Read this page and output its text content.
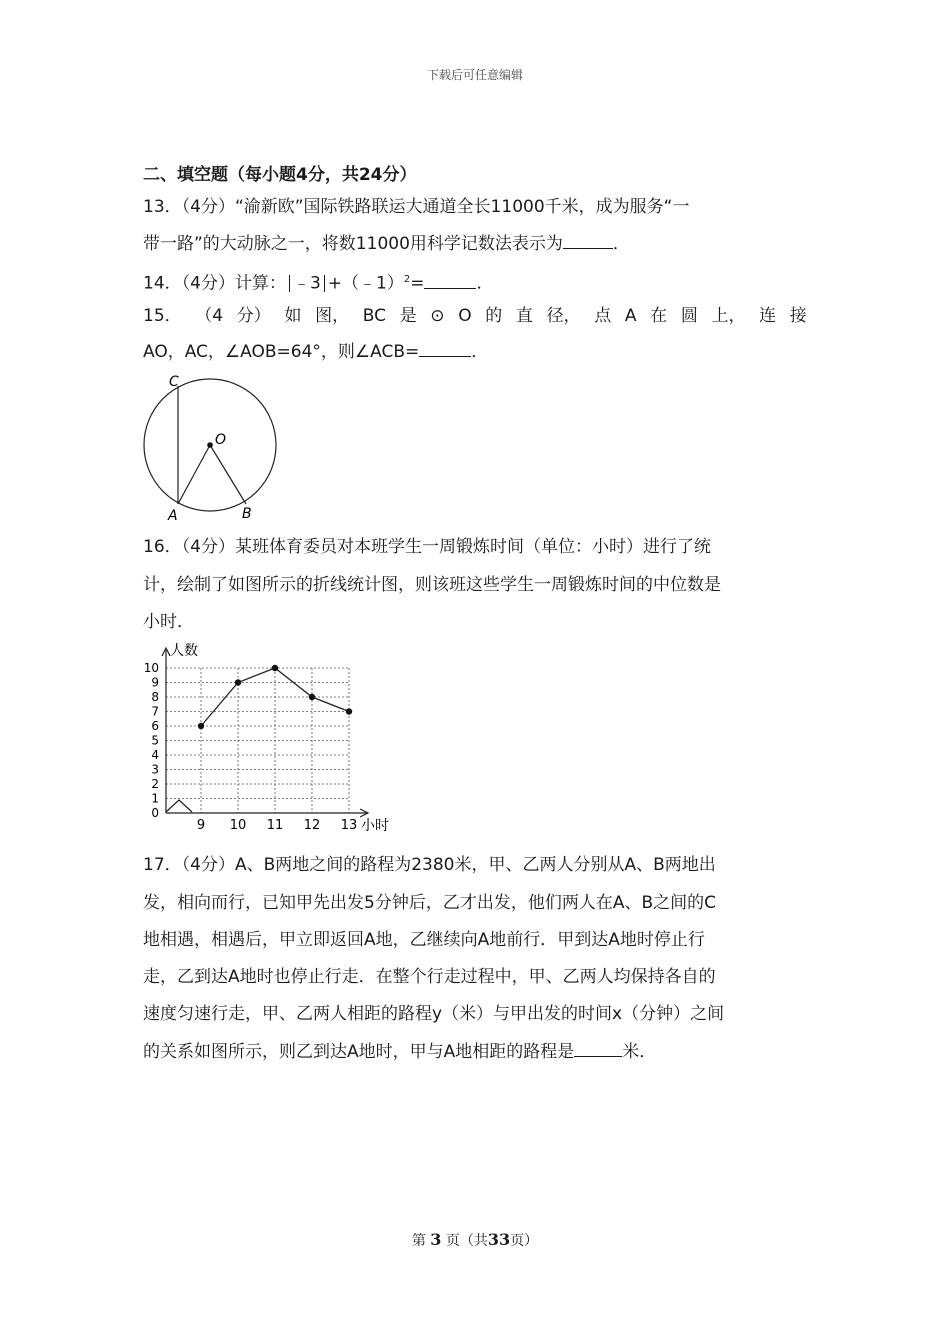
下载后可任意编辑
二、填空题（每小题4分，共24分）
13．（4分）“渝新欧”国际铁路联运大通道全长11000千米，成为服务“一
带一路”的大动脉之一，将数11000用科学记数法表示为	．
14．（4分）计算： ﹣3 +（﹣1）$^2$=	．
15． （4 分） 如 图， BC 是 ⊙ O 的 直 径， 点 A 在 圆 上， 连 接
AO，AC，∠AOB=64°，则∠ACB=	．
C
O
A	B
16．（4分）某班体育委员对本班学生一周锻炼时间（单位：小时）进行了统
计，绘制了如图所示的折线统计图，则该班这些学生一周锻炼时间的中位数是
小时．
0
1
2
3
4
5
6
7
8
9
10
9 10 11 12 13
人数
小时
17．（4分）A、B两地之间的路程为2380米，甲、乙两人分别从A、B两地出
发，相向而行，已知甲先出发5分钟后，乙才出发，他们两人在A、B之间的C
地相遇，相遇后，甲立即返回A地，乙继续向A地前行．甲到达A地时停止行
走，乙到达A地时也停止行走．在整个行走过程中，甲、乙两人均保持各自的
速度匀速行走，甲、乙两人相距的路程y（米）与甲出发的时间x（分钟）之间
的关系如图所示，则乙到达A地时，甲与A地相距的路程是	米．
第 3 页（共33页）
